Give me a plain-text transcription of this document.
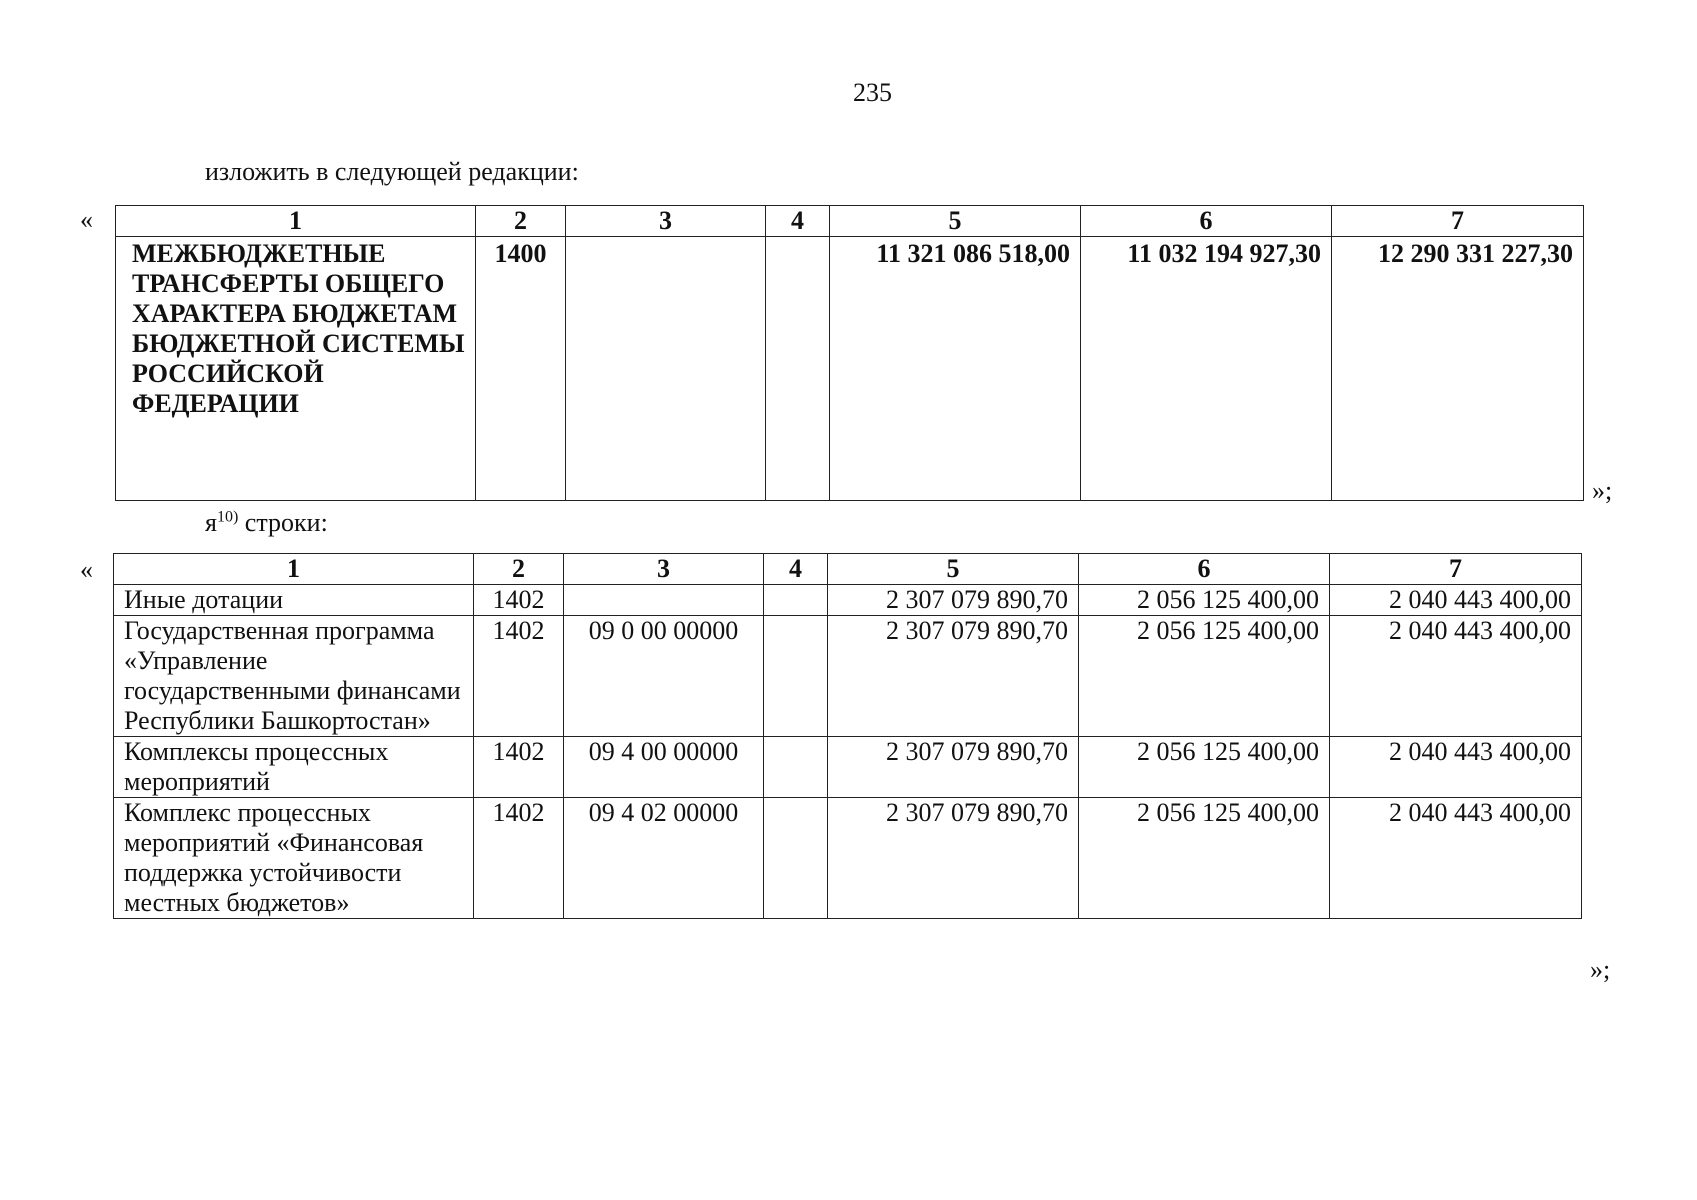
235
изложить в следующей редакции:
«	1	2	3	4	5	6	7
МЕЖБЮДЖЕТНЫЕ ТРАНСФЕРТЫ ОБЩЕГО ХАРАКТЕРА БЮДЖЕТАМ БЮДЖЕТНОЙ СИСТЕМЫ РОССИЙСКОЙ ФЕДЕРАЦИИ	1400			11 321 086 518,00	11 032 194 927,30	12 290 331 227,30
»;
$я^{10)}$ строки:
«	1	2	3	4	5	6	7
Иные дотации	1402			2 307 079 890,70	2 056 125 400,00	2 040 443 400,00
Государственная программа «Управление государственными финансами Республики Башкортостан»	1402	09 0 00 00000		2 307 079 890,70	2 056 125 400,00	2 040 443 400,00
Комплексы процессных мероприятий	1402	09 4 00 00000		2 307 079 890,70	2 056 125 400,00	2 040 443 400,00
Комплекс процессных мероприятий «Финансовая поддержка устойчивости местных бюджетов»	1402	09 4 02 00000		2 307 079 890,70	2 056 125 400,00	2 040 443 400,00
»;
